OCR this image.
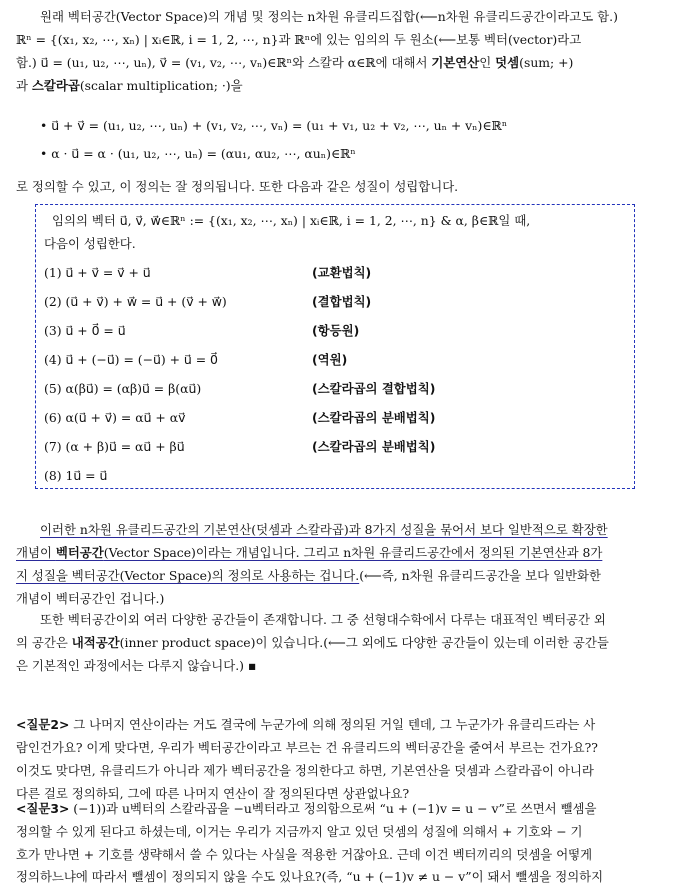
원래 벡터공간(Vector Space)의 개념 및 정의는 n차원 유클리드집합(⟵n차원 유클리드공간이라고도 함.)

ℝⁿ = {(x₁, x₂, ⋯, xₙ) | xᵢ∈ℝ, i = 1, 2, ⋯, n}과 ℝⁿ에 있는 임의의 두 원소(⟵보통 벡터(vector)라고

함.) u⃗ = (u₁, u₂, ⋯, uₙ), v⃗ = (v₁, v₂, ⋯, vₙ)∈ℝⁿ와 스칼라 α∈ℝ에 대해서 기본연산인 덧셈(sum; +)

과 스칼라곱(scalar multiplication; ·)을

• u⃗ + v⃗ = (u₁, u₂, ⋯, uₙ) + (v₁, v₂, ⋯, vₙ) = (u₁ + v₁, u₂ + v₂, ⋯, uₙ + vₙ)∈ℝⁿ

• α · u⃗ = α · (u₁, u₂, ⋯, uₙ) = (αu₁, αu₂, ⋯, αuₙ)∈ℝⁿ

로 정의할 수 있고, 이 정의는 잘 정의됩니다. 또한 다음과 같은 성질이 성립합니다.

임의의 벡터 u⃗, v⃗, w⃗∈ℝⁿ := {(x₁, x₂, ⋯, xₙ) | xᵢ∈ℝ, i = 1, 2, ⋯, n} & α, β∈ℝ일 때,
다음이 성립한다.

(1) u⃗ + v⃗ = v⃗ + u⃗	(교환법칙)
(2) (u⃗ + v⃗) + w⃗ = u⃗ + (v⃗ + w⃗)	(결합법칙)
(3) u⃗ + 0⃗ = u⃗	(항등원)
(4) u⃗ + (−u⃗) = (−u⃗) + u⃗ = 0⃗	(역원)
(5) α(βu⃗) = (αβ)u⃗ = β(αu⃗)	(스칼라곱의 결합법칙)
(6) α(u⃗ + v⃗) = αu⃗ + αv⃗	(스칼라곱의 분배법칙)
(7) (α + β)u⃗ = αu⃗ + βu⃗	(스칼라곱의 분배법칙)
(8) 1u⃗ = u⃗

이러한 n차원 유클리드공간의 기본연산(덧셈과 스칼라곱)과 8가지 성질을 묶어서 보다 일반적으로 확장한

개념이 벡터공간(Vector Space)이라는 개념입니다. 그리고 n차원 유클리드공간에서 정의된 기본연산과 8가

지 성질을 벡터공간(Vector Space)의 정의로 사용하는 겁니다.(⟵즉, n차원 유클리드공간을 보다 일반화한

개념이 벡터공간인 겁니다.)

또한 벡터공간이외 여러 다양한 공간들이 존재합니다. 그 중 선형대수학에서 다루는 대표적인 벡터공간 외

의 공간은 내적공간(inner product space)이 있습니다.(⟵그 외에도 다양한 공간들이 있는데 이러한 공간들

은 기본적인 과정에서는 다루지 않습니다.) ▪

<질문2> 그 나머지 연산이라는 거도 결국에 누군가에 의해 정의된 거일 텐데, 그 누군가가 유클리드라는 사

람인건가요? 이게 맞다면, 우리가 벡터공간이라고 부르는 건 유클리드의 벡터공간을 줄여서 부르는 건가요??

이것도 맞다면, 유클리드가 아니라 제가 벡터공간을 정의한다고 하면, 기본연산을 덧셈과 스칼라곱이 아니라

다른 걸로 정의하되, 그에 따른 나머지 연산이 잘 정의된다면 상관없나요?

<질문3> (−1))과 u벡터의 스칼라곱을 −u벡터라고 정의함으로써 “u + (−1)v = u − v”로 쓰면서 뺄셈을

정의할 수 있게 된다고 하셨는데, 이거는 우리가 지금까지 알고 있던 덧셈의 성질에 의해서 + 기호와 − 기

호가 만나면 + 기호를 생략해서 쓸 수 있다는 사실을 적용한 거잖아요. 근데 이건 벡터끼리의 덧셈을 어떻게

정의하느냐에 따라서 뺄셈이 정의되지 않을 수도 있나요?(즉, “u + (−1)v ≠ u − v”이 돼서 뺄셈을 정의하지
